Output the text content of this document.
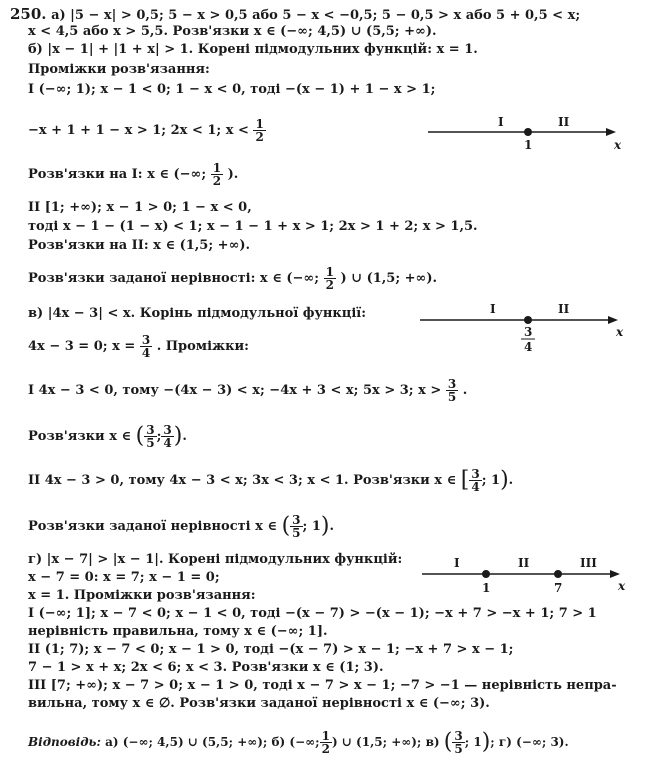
250. а) |5 − x| > 0,5; 5 − x > 0,5 або 5 − x < −0,5; 5 − 0,5 > x або 5 + 0,5 < x;
x < 4,5 або x > 5,5. Розв'язки x ∈ (−∞; 4,5) ∪ (5,5; +∞).
б) |x − 1| + |1 + x| > 1. Корені підмодульних функцій: x = 1.
Проміжки розв'язання:
I (−∞; 1); x − 1 < 0; 1 − x < 0, тоді −(x − 1) + 1 − x > 1;
−x + 1 + 1 − x > 1; 2x < 1; $x < \frac{1}{2}$	I	II
1	x
Розв'язки на I: x ∈ (−∞; $\frac{1}{2}$ ).
II [1; +∞); x − 1 > 0; 1 − x < 0,
тоді x − 1 − (1 − x) < 1; x − 1 − 1 + x > 1; 2x > 1 + 2; x > 1,5.
Розв'язки на II: x ∈ (1,5; +∞).
Розв'язки заданої нерівності: x ∈ (−∞; $\frac{1}{2}$ ) ∪ (1,5; +∞).
в) |4x − 3| < x. Корінь підмодульної функції:	I	II
3
4
x
4x − 3 = 0; $x = \frac{3}{4}$ . Проміжки:
I 4x − 3 < 0, тому −(4x − 3) < x; −4x + 3 < x; 5x > 3; $x > \frac{3}{5}$ .
Розв'язки x ∈ ( $\frac{3}{5}$ ; $\frac{3}{4}$ ).
II 4x − 3 > 0, тому 4x − 3 < x; 3x < 3; x < 1. Розв'язки x ∈ [ $\frac{3}{4}$ ; 1).
Розв'язки заданої нерівності x ∈ ( $\frac{3}{5}$ ; 1).
г) |x − 7| > |x − 1|. Корені підмодульних функцій:
x − 7 = 0: x = 7; x − 1 = 0;
x = 1. Проміжки розв'язання:
I	II	III
1	7	x
I (−∞; 1]; x − 7 < 0; x − 1 < 0, тоді −(x − 7) > −(x − 1); −x + 7 > −x + 1; 7 > 1
нерівність правильна, тому x ∈ (−∞; 1].
II (1; 7); x − 7 < 0; x − 1 > 0, тоді −(x − 7) > x − 1; −x + 7 > x − 1;
7 − 1 > x + x; 2x < 6; x < 3. Розв'язки x ∈ (1; 3).
III [7; +∞); x − 7 > 0; x − 1 > 0, тоді x − 7 > x − 1; −7 > −1 — нерівність непра-
вильна, тому x ∈ ∅. Розв'язки заданої нерівності x ∈ (−∞; 3).
Відповідь: а) (−∞; 4,5) ∪ (5,5; +∞); б) (−∞; $\frac{1}{2}$ ) ∪ (1,5; +∞); в) ( $\frac{3}{5}$ ; 1); г) (−∞; 3).
